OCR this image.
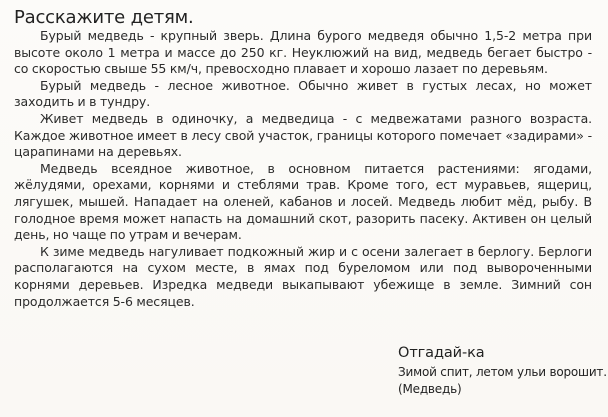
Расскажите детям.

Бурый медведь - крупный зверь. Длина бурого медведя обычно 1,5-2 метра при высоте около 1 метра и массе до 250 кг. Неуклюжий на вид, медведь бегает быстро - со скоростью свыше 55 км/ч, превосходно плавает и хорошо лазает по деревьям.

Бурый медведь - лесное животное. Обычно живет в густых лесах, но может заходить и в тундру.

Живет медведь в одиночку, а медведица - с медвежатами разного возраста. Каждое животное имеет в лесу свой участок, границы которого помечает «задирами» - царапинами на деревьях.

Медведь всеядное животное, в основном питается растениями: ягодами, жёлудями, орехами, корнями и стеблями трав. Кроме того, ест муравьев, ящериц, лягушек, мышей. Нападает на оленей, кабанов и лосей. Медведь любит мёд, рыбу. В голодное время может напасть на домашний скот, разорить пасеку. Активен он целый день, но чаще по утрам и вечерам.

К зиме медведь нагуливает подкожный жир и с осени залегает в берлогу. Берлоги располагаются на сухом месте, в ямах под буреломом или под вывороченными корнями деревьев. Изредка медведи выкапывают убежище в земле. Зимний сон продолжается 5-6 месяцев.

Отгадай-ка
Зимой спит, летом ульи ворошит.
(Медведь)
